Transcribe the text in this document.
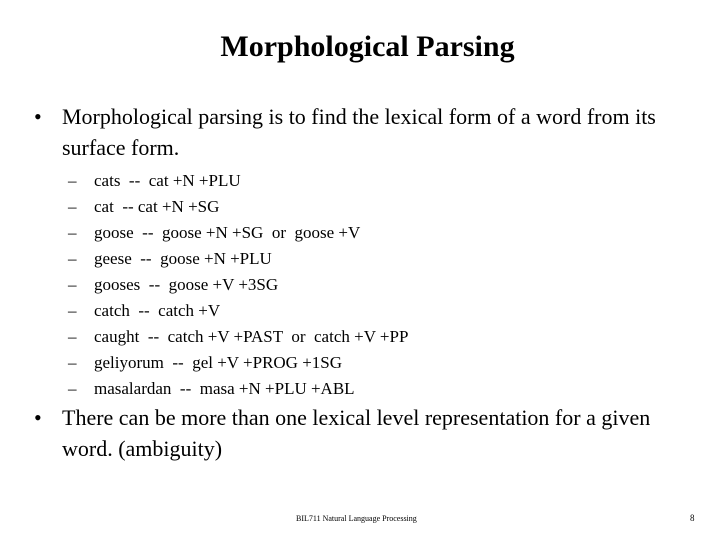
Morphological Parsing
• Morphological parsing is to find the lexical form of a word from its surface form.
– cats  --  cat +N +PLU
– cat  -- cat +N +SG
– goose  --  goose +N +SG  or  goose +V
– geese  --  goose +N +PLU
– gooses  --  goose +V +3SG
– catch  --  catch +V
– caught  --  catch +V +PAST  or  catch +V +PP
– geliyorum  --  gel +V +PROG +1SG
– masalardan  --  masa +N +PLU +ABL
• There can be more than one lexical level representation for a given word. (ambiguity)
BIL711 Natural Language Processing	8
